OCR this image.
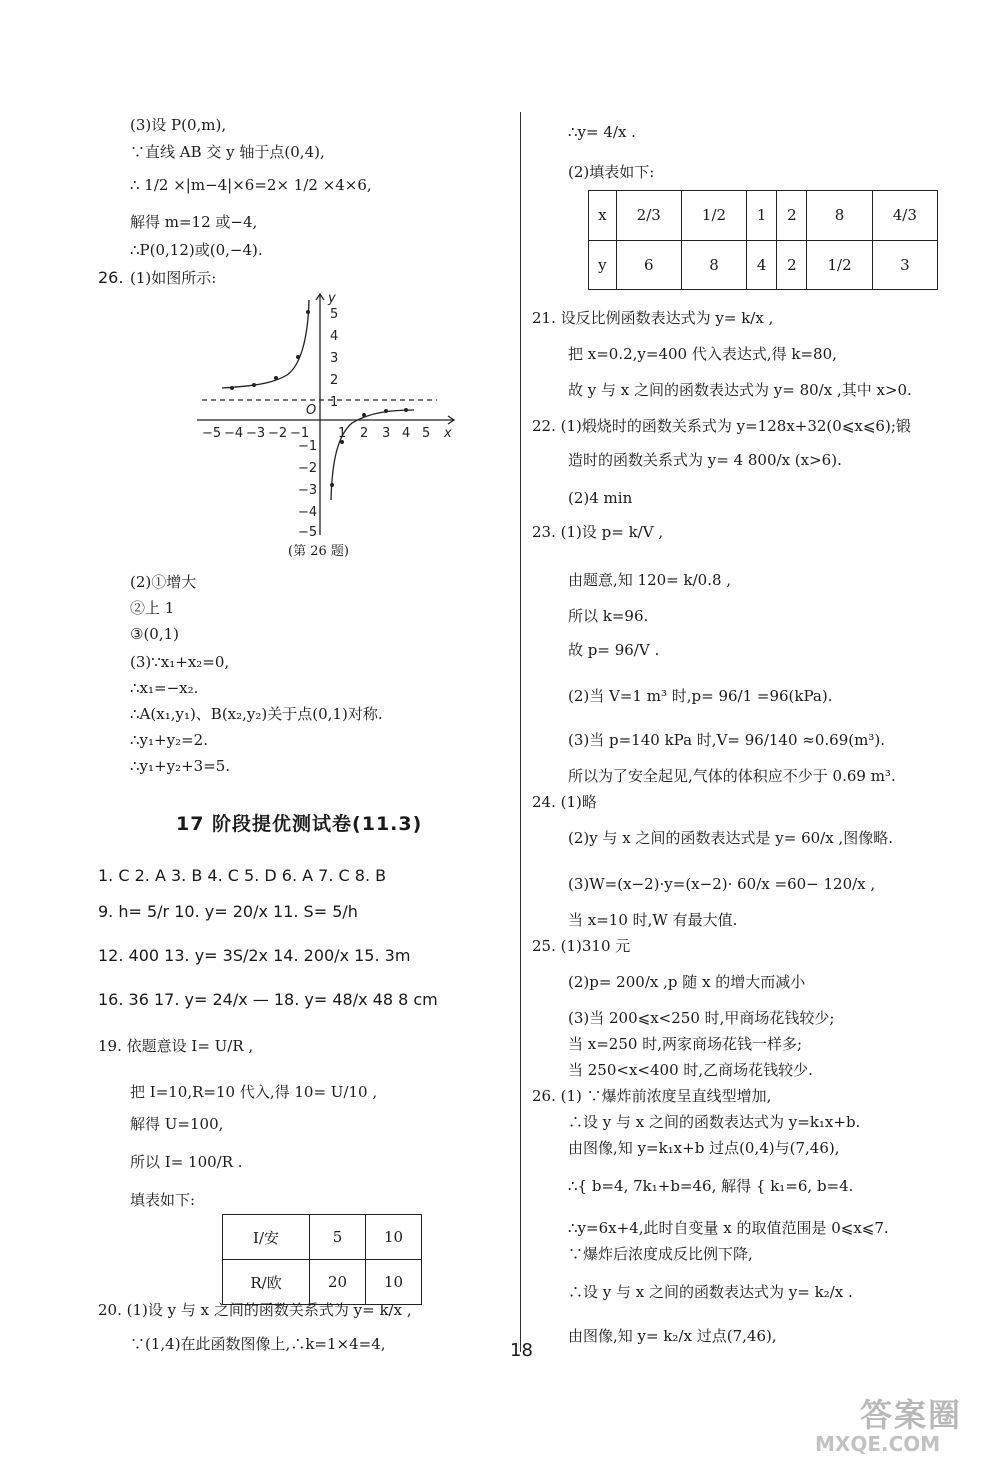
(3)设 P(0,m),
∵直线 AB 交 y 轴于点(0,4),
∴ 1/2 ×|m−4|×6=2× 1/2 ×4×6,
解得 m=12 或−4,
∴P(0,12)或(0,−4).
26. (1)如图所示:
−5 −4 −3 −2 −1 1 2 3 4 5 x
y
5
4
3
2
1
−1
−2
−3
−4
−5
O
(第 26 题)
(2)①增大
②上 1
③(0,1)
(3)∵x₁+x₂=0,
∴x₁=−x₂.
∴A(x₁,y₁)、B(x₂,y₂)关于点(0,1)对称.
∴y₁+y₂=2.
∴y₁+y₂+3=5.
17 阶段提优测试卷(11.3)
1. C 2. A 3. B 4. C 5. D 6. A 7. C 8. B
9. h= 5/r 10. y= 20/x 11. S= 5/h
12. 400 13. y= 3S/2x 14. 200/x 15. 3m
16. 36 17. y= 24/x — 18. y= 48/x 48 8 cm
19. 依题意设 I= U/R ,
把 I=10,R=10 代入,得 10= U/10 ,
解得 U=100,
所以 I= 100/R .
填表如下:
I/安	5	10
R/欧	20	10
20. (1)设 y 与 x 之间的函数关系式为 y= k/x ,
∵(1,4)在此函数图像上,∴k=1×4=4,
∴y= 4/x .
(2)填表如下:
x	2/3	1/2	1	2	8	4/3
y	6	8	4	2	1/2	3
21. 设反比例函数表达式为 y= k/x ,
把 x=0.2,y=400 代入表达式,得 k=80,
故 y 与 x 之间的函数表达式为 y= 80/x ,其中 x>0.
22. (1)煅烧时的函数关系式为 y=128x+32(0⩽x⩽6);锻
造时的函数关系式为 y= 4 800/x (x>6).
(2)4 min
23. (1)设 p= k/V ,
由题意,知 120= k/0.8 ,
所以 k=96.
故 p= 96/V .
(2)当 V=1 m³ 时,p= 96/1 =96(kPa).
(3)当 p=140 kPa 时,V= 96/140 ≈0.69(m³).
所以为了安全起见,气体的体积应不少于 0.69 m³.
24. (1)略
(2)y 与 x 之间的函数表达式是 y= 60/x ,图像略.
(3)W=(x−2)·y=(x−2)· 60/x =60− 120/x ,
当 x=10 时,W 有最大值.
25. (1)310 元
(2)p= 200/x ,p 随 x 的增大而减小
(3)当 200⩽x<250 时,甲商场花钱较少;
当 x=250 时,两家商场花钱一样多;
当 250<x<400 时,乙商场花钱较少.
26. (1) ∵爆炸前浓度呈直线型增加,
∴设 y 与 x 之间的函数表达式为 y=k₁x+b.
由图像,知 y=k₁x+b 过点(0,4)与(7,46),
∴{ b=4, 7k₁+b=46, 解得 { k₁=6, b=4.
∴y=6x+4,此时自变量 x 的取值范围是 0⩽x⩽7.
∵爆炸后浓度成反比例下降,
∴设 y 与 x 之间的函数表达式为 y= k₂/x .
由图像,知 y= k₂/x 过点(7,46),
18
答案圈
MXQE.COM
